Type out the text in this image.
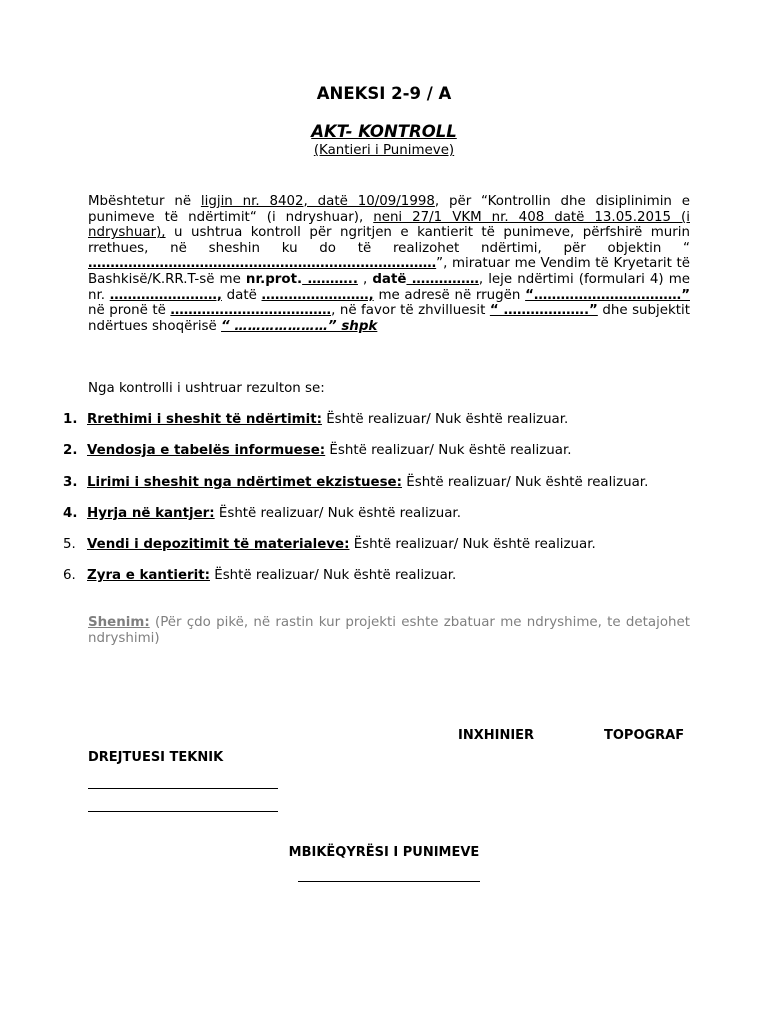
ANEKSI 2-9 / A
AKT- KONTROLL
(Kantieri i Punimeve)
Mbështetur në ligjin nr. 8402, datë 10/09/1998, për “Kontrollin dhe disiplinimin e punimeve të ndërtimit“ (i ndryshuar), neni 27/1 VKM nr. 408 datë 13.05.2015 (i ndryshuar), u ushtrua kontroll për ngritjen e kantierit të punimeve, përfshirë murin rrethues, në sheshin ku do të realizohet ndërtimi, për objektin “ ……………………………………………………………………”, miratuar me Vendim të Kryetarit të Bashkisë/K.RR.T-së me nr.prot. ……….. , datë ……………, leje ndërtimi (formulari 4) me nr. ……………………, datë ……………………, me adresë në rrugën “……………………………” në pronë të ………………………………, në favor të zhvilluesit “ ……………….” dhe subjektit ndërtues shoqërisë “ …………………” shpk
Nga kontrolli i ushtruar rezulton se:
1. Rrethimi i sheshit të ndërtimit: Është realizuar/ Nuk është realizuar.
2. Vendosja e tabelës informuese: Është realizuar/ Nuk është realizuar.
3. Lirimi i sheshit nga ndërtimet ekzistuese: Është realizuar/ Nuk është realizuar.
4. Hyrja në kantjer: Është realizuar/ Nuk është realizuar.
5. Vendi i depozitimit të materialeve: Është realizuar/ Nuk është realizuar.
6. Zyra e kantierit: Është realizuar/ Nuk është realizuar.
Shenim: (Për çdo pikë, në rastin kur projekti eshte zbatuar me ndryshime, te detajohet ndryshimi)
INXHINIER	TOPOGRAF
DREJTUESI TEKNIK
MBIKËQYRËSI I PUNIMEVE
